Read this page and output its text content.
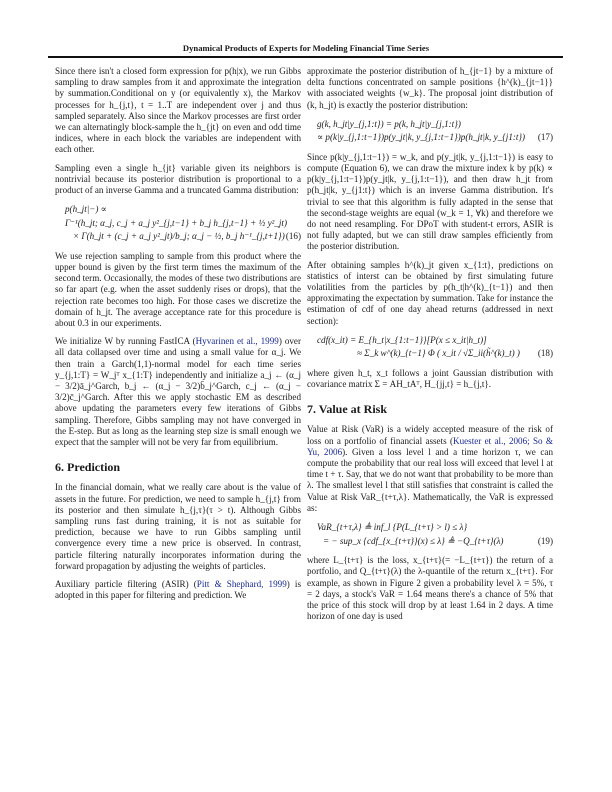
Dynamical Products of Experts for Modeling Financial Time Series

Since there isn't a closed form expression for p(h|x), we run Gibbs sampling to draw samples from it and approximate the integration by summation.Conditional on y (or equivalently x), the Markov processes for h_{j,t}, t = 1..T are independent over j and thus sampled separately. Also since the Markov processes are first order we can alternatingly block-sample the h_{jt} on even and odd time indices, where in each block the variables are independent with each other.

Sampling even a single h_{jt} variable given its neighbors is nontrivial because its posterior distribution is proportional to a product of an inverse Gamma and a truncated Gamma distribution:

p(h_jt|−) ∝
Γ⁻¹(h_jt; α_j, c_j + a_j y²_{j,t−1} + b_j h_{j,t−1} + ½ y²_jt)
× Γ(h_jt + (c_j + a_j y²_jt)/b_j; α_j − ½, b_j h⁻¹_{j,t+1}) (16)

We use rejection sampling to sample from this product where the upper bound is given by the first term times the maximum of the second term. Occasionally, the modes of these two distributions are so far apart (e.g. when the asset suddenly rises or drops), that the rejection rate becomes too high. For those cases we discretize the domain of h_jt. The average acceptance rate for this procedure is about 0.3 in our experiments.

We initialize W by running FastICA (Hyvarinen et al., 1999) over all data collapsed over time and using a small value for α_j. We then train a Garch(1,1)-normal model for each time series y_{j,1:T} = W_jᵀ x_{1:T} independently and initialize a_j ← (α_j − 3/2)ā_j^Garch, b_j ← (α_j − 3/2)b̄_j^Garch, c_j ← (α_j − 3/2)c̄_j^Garch. After this we apply stochastic EM as described above updating the parameters every few iterations of Gibbs sampling. Therefore, Gibbs sampling may not have converged in the E-step. But as long as the learning step size is small enough we expect that the sampler will not be very far from equilibrium.

6. Prediction

In the financial domain, what we really care about is the value of assets in the future. For prediction, we need to sample h_{j,t} from its posterior and then simulate h_{j,τ}(τ > t). Although Gibbs sampling runs fast during training, it is not as suitable for prediction, because we have to run Gibbs sampling until convergence every time a new price is observed. In contrast, particle filtering naturally incorporates information during the forward propagation by adjusting the weights of particles.

Auxiliary particle filtering (ASIR) (Pitt & Shephard, 1999) is adopted in this paper for filtering and prediction. We

approximate the posterior distribution of h_{jt−1} by a mixture of delta functions concentrated on sample positions {h^(k)_{jt−1}} with associated weights {w_k}. The proposal joint distribution of (k, h_jt) is exactly the posterior distribution:

g(k, h_jt|y_{j,1:t}) = p(k, h_jt|y_{j,1:t})
∝ p(k|y_{j,1:t−1})p(y_jt|k, y_{j,1:t−1})p(h_jt|k, y_{j1:t})	(17)

Since p(k|y_{j,1:t−1}) = w_k, and p(y_jt|k, y_{j,1:t−1}) is easy to compute (Equation 6), we can draw the mixture index k by p(k) ∝ p(k|y_{j,1:t−1})p(y_jt|k, y_{j,1:t−1}), and then draw h_jt from p(h_jt|k, y_{j1:t}) which is an inverse Gamma distribution. It's trivial to see that this algorithm is fully adapted in the sense that the second-stage weights are equal (w_k = 1, ∀k) and therefore we do not need resampling. For DPoT with student-t errors, ASIR is not fully adapted, but we can still draw samples efficiently from the posterior distribution.

After obtaining samples h^(k)_jt given x_{1:t}, predictions on statistics of interst can be obtained by first simulating future volatilities from the particles by p(h_t|h^(k)_{t−1}) and then approximating the expectation by summation. Take for instance the estimation of cdf of one day ahead returns (addressed in next section):

cdf(x_it) = E_{h_t|x_{1:t−1}}[P(x ≤ x_it|h_t)]
≈ Σ_k w^(k)_{t−1} Φ ( x_it / √Σ_ii(h̃^(k)_t) )	(18)

where given h_t, x_t follows a joint Gaussian distribution with covariance matrix Σ = AH_tAᵀ, H_{jj,t} = h_{j,t}.

7. Value at Risk

Value at Risk (VaR) is a widely accepted measure of the risk of loss on a portfolio of financial assets (Kuester et al., 2006; So & Yu, 2006). Given a loss level l and a time horizon τ, we can compute the probability that our real loss will exceed that level l at time t + τ. Say, that we do not want that probability to be more than λ. The smallest level l that still satisfies that constraint is called the Value at Risk VaR_{t+τ,λ}. Mathematically, the VaR is expressed as:

VaR_{t+τ,λ} ≜ inf_l {P(L_{t+τ} > l) ≤ λ}
= − sup_x {cdf_{x_{t+τ}}(x) ≤ λ} ≜ −Q_{t+τ}(λ)	(19)

where L_{t+τ} is the loss, x_{t+τ}(= −L_{t+τ}) the return of a portfolio, and Q_{t+τ}(λ) the λ-quantile of the return x_{t+τ}. For example, as shown in Figure 2 given a probability level λ = 5%, τ = 2 days, a stock's VaR = 1.64 means there's a chance of 5% that the price of this stock will drop by at least 1.64 in 2 days. A time horizon of one day is used
